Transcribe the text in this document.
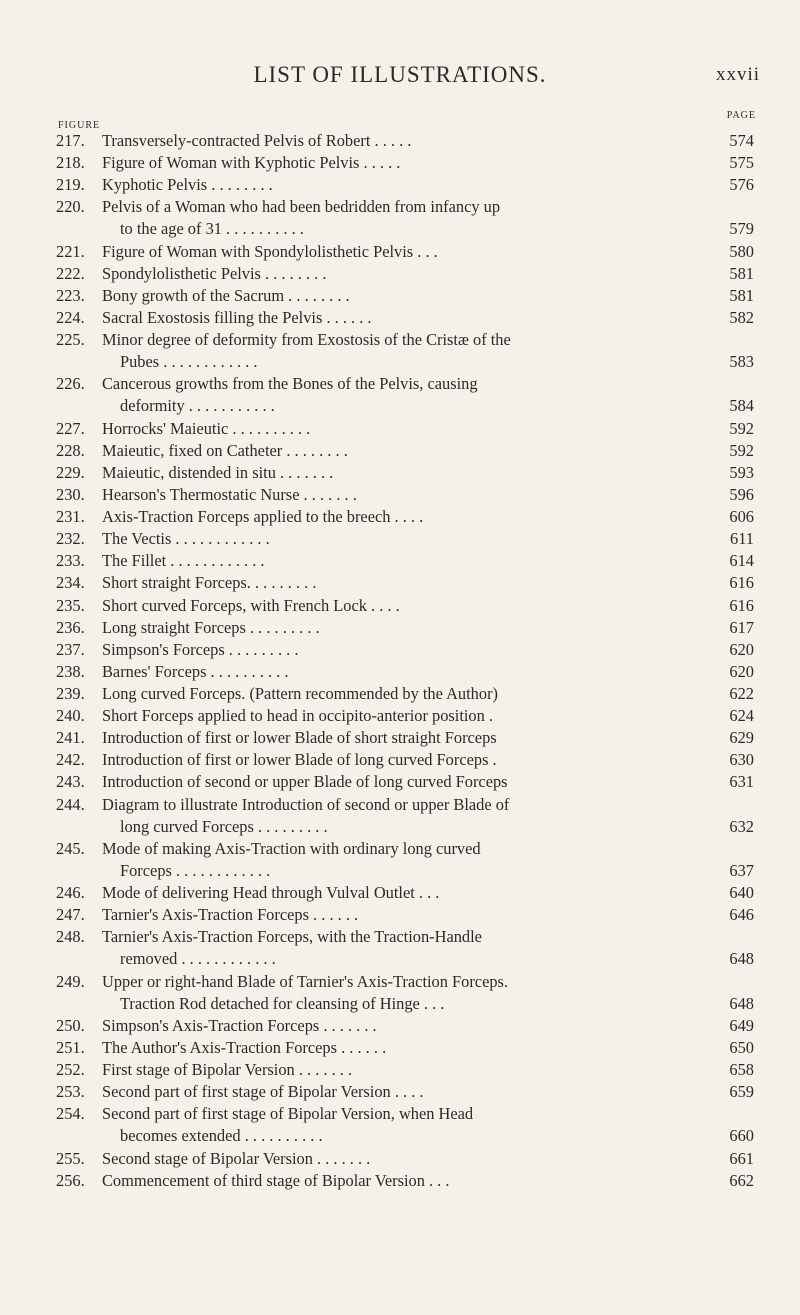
LIST OF ILLUSTRATIONS.	xxvii
PAGE
FIGURE
217.	Transversely-contracted Pelvis of Robert . . . . .	574
218.	Figure of Woman with Kyphotic Pelvis . . . . .	575
219.	Kyphotic Pelvis . . . . . . . .	576
220.	Pelvis of a Woman who had been bedridden from infancy up
to the age of 31 . . . . . . . . . .	579
221.	Figure of Woman with Spondylolisthetic Pelvis . . .	580
222.	Spondylolisthetic Pelvis . . . . . . . .	581
223.	Bony growth of the Sacrum . . . . . . . .	581
224.	Sacral Exostosis filling the Pelvis . . . . . .	582
225.	Minor degree of deformity from Exostosis of the Cristæ of the
Pubes . . . . . . . . . . . .	583
226.	Cancerous growths from the Bones of the Pelvis, causing
deformity . . . . . . . . . . .	584
227.	Horrocks' Maieutic . . . . . . . . . .	592
228.	Maieutic, fixed on Catheter . . . . . . . .	592
229.	Maieutic, distended in situ . . . . . . .	593
230.	Hearson's Thermostatic Nurse . . . . . . .	596
231.	Axis-Traction Forceps applied to the breech . . . .	606
232.	The Vectis . . . . . . . . . . . .	611
233.	The Fillet . . . . . . . . . . . .	614
234.	Short straight Forceps. . . . . . . . .	616
235.	Short curved Forceps, with French Lock . . . .	616
236.	Long straight Forceps . . . . . . . . .	617
237.	Simpson's Forceps . . . . . . . . .	620
238.	Barnes' Forceps . . . . . . . . . .	620
239.	Long curved Forceps. (Pattern recommended by the Author)	622
240.	Short Forceps applied to head in occipito-anterior position .	624
241.	Introduction of first or lower Blade of short straight Forceps	629
242.	Introduction of first or lower Blade of long curved Forceps .	630
243.	Introduction of second or upper Blade of long curved Forceps	631
244.	Diagram to illustrate Introduction of second or upper Blade of
long curved Forceps . . . . . . . . .	632
245.	Mode of making Axis-Traction with ordinary long curved
Forceps . . . . . . . . . . . .	637
246.	Mode of delivering Head through Vulval Outlet . . .	640
247.	Tarnier's Axis-Traction Forceps . . . . . .	646
248.	Tarnier's Axis-Traction Forceps, with the Traction-Handle
removed . . . . . . . . . . . .	648
249.	Upper or right-hand Blade of Tarnier's Axis-Traction Forceps.
Traction Rod detached for cleansing of Hinge . . .	648
250.	Simpson's Axis-Traction Forceps . . . . . . .	649
251.	The Author's Axis-Traction Forceps . . . . . .	650
252.	First stage of Bipolar Version . . . . . . .	658
253.	Second part of first stage of Bipolar Version . . . .	659
254.	Second part of first stage of Bipolar Version, when Head
becomes extended . . . . . . . . . .	660
255.	Second stage of Bipolar Version . . . . . . .	661
256.	Commencement of third stage of Bipolar Version . . .	662
